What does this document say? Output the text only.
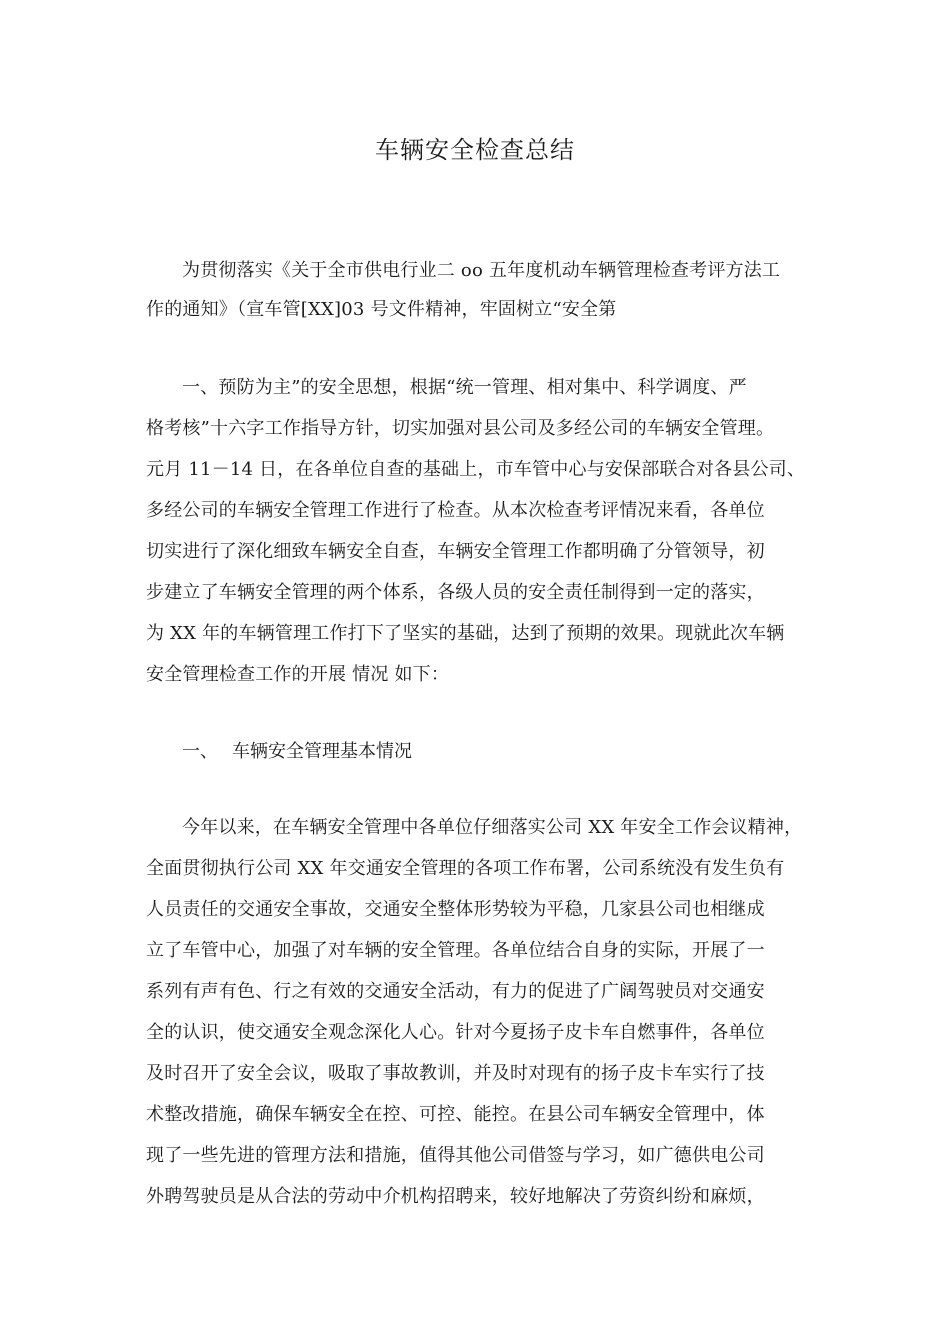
车辆安全检查总结
为贯彻落实《关于全市供电行业二 oo 五年度机动车辆管理检查考评方法工
作的通知》（宣车管[XX]03 号文件精神，牢固树立“安全第
一、预防为主”的安全思想，根据“统一管理、相对集中、科学调度、严
格考核”十六字工作指导方针，切实加强对县公司及多经公司的车辆安全管理。
元月 11－14 日，在各单位自查的基础上，市车管中心与安保部联合对各县公司、
多经公司的车辆安全管理工作进行了检查。从本次检查考评情况来看，各单位
切实进行了深化细致车辆安全自查，车辆安全管理工作都明确了分管领导，初
步建立了车辆安全管理的两个体系，各级人员的安全责任制得到一定的落实，
为 XX 年的车辆管理工作打下了坚实的基础，达到了预期的效果。现就此次车辆
安全管理检查工作的开展 情况 如下：
一、 车辆安全管理基本情况
今年以来，在车辆安全管理中各单位仔细落实公司 XX 年安全工作会议精神，
全面贯彻执行公司 XX 年交通安全管理的各项工作布署，公司系统没有发生负有
人员责任的交通安全事故，交通安全整体形势较为平稳，几家县公司也相继成
立了车管中心，加强了对车辆的安全管理。各单位结合自身的实际，开展了一
系列有声有色、行之有效的交通安全活动，有力的促进了广阔驾驶员对交通安
全的认识，使交通安全观念深化人心。针对今夏扬子皮卡车自燃事件，各单位
及时召开了安全会议，吸取了事故教训，并及时对现有的扬子皮卡车实行了技
术整改措施，确保车辆安全在控、可控、能控。在县公司车辆安全管理中，体
现了一些先进的管理方法和措施，值得其他公司借签与学习，如广德供电公司
外聘驾驶员是从合法的劳动中介机构招聘来，较好地解决了劳资纠纷和麻烦，
